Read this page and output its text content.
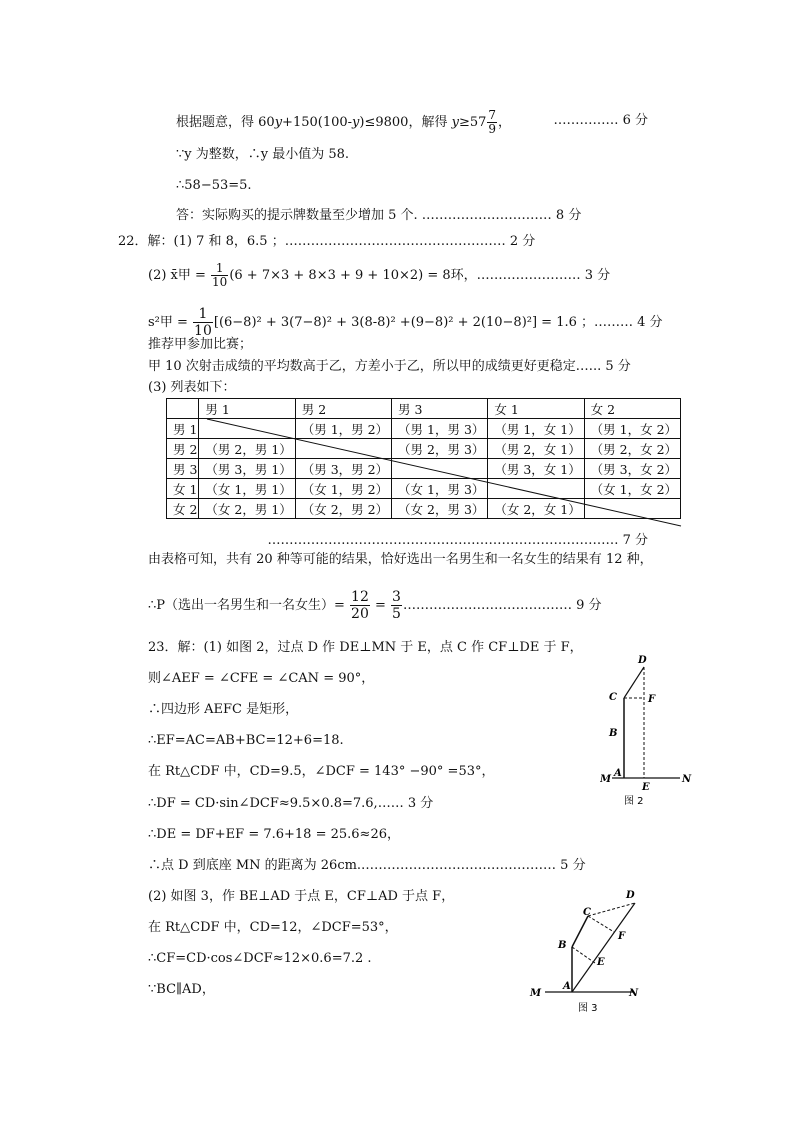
根据题意，得 60y+150(100-y)≤9800，解得 $y\ge 57 \frac{7}{9}$ ，	…………… 6 分
∵y 为整数，∴y 最小值为 58.
∴58−53=5.
答：实际购买的提示牌数量至少增加 5 个. ………………………… 8 分
22．解：(1) 7 和 8，6.5 ；…………………………………………… 2 分
(2) x̄甲 = $\frac{1}{10} (6 + 7\times 3 + 8\times 3 + 9 + 10\times 2) = 8$环，…………………… 3 分
s²甲 = $\frac{1}{10} [(6-8)^2 + 3(7-8)^2 + 3(8-8)^2 +(9-8)^2 + 2(10-8)^2] = 1.6$ ；……… 4 分
推荐甲参加比赛；
甲 10 次射击成绩的平均数高于乙，方差小于乙，所以甲的成绩更好更稳定.….. 5 分
(3) 列表如下：
	男 1	男 2	男 3	女 1	女 2
男 1		（男 1，男 2）	（男 1，男 3）	（男 1，女 1）	（男 1，女 2）
男 2	（男 2，男 1）		（男 2，男 3）	（男 2，女 1）	（男 2，女 2）
男 3	（男 3，男 1）	（男 3，男 2）		（男 3，女 1）	（男 3，女 2）
女 1	（女 1，男 1）	（女 1，男 2）	（女 1，男 3）		（女 1，女 2）
女 2	（女 2，男 1）	（女 2，男 2）	（女 2，男 3）	（女 2，女 1）	
……………………………………………………………………… 7 分
由表格可知，共有 20 种等可能的结果，恰好选出一名男生和一名女生的结果有 12 种，
∴P（选出一名男生和一名女生）= $\frac{12}{20} = \frac{3}{5}$ ………………………………… 9 分
23．解：(1) 如图 2，过点 D 作 DE⊥MN 于 E，点 C 作 CF⊥DE 于 F，
则∠AEF = ∠CFE = ∠CAN = 90°，
∴四边形 AEFC 是矩形，
∴EF=AC=AB+BC=12+6=18.
在 Rt△CDF 中，CD=9.5，∠DCF = 143° −90° =53°，
∴DF = CD·sin∠DCF≈9.5×0.8=7.6,…… 3 分
∴DE = DF+EF = 7.6+18 = 25.6≈26，
∴点 D 到底座 MN 的距离为 26cm.……………………………………… 5 分
(2) 如图 3，作 BE⊥AD 于点 E，CF⊥AD 于点 F，
在 Rt△CDF 中，CD=12，∠DCF=53°，
∴CF=CD·cos∠DCF≈12×0.6=7.2 .
∵BC∥AD，
D
C	F
B
M
A
E
N
图 2
D
C
F
B
E
M
A
N
图 3
